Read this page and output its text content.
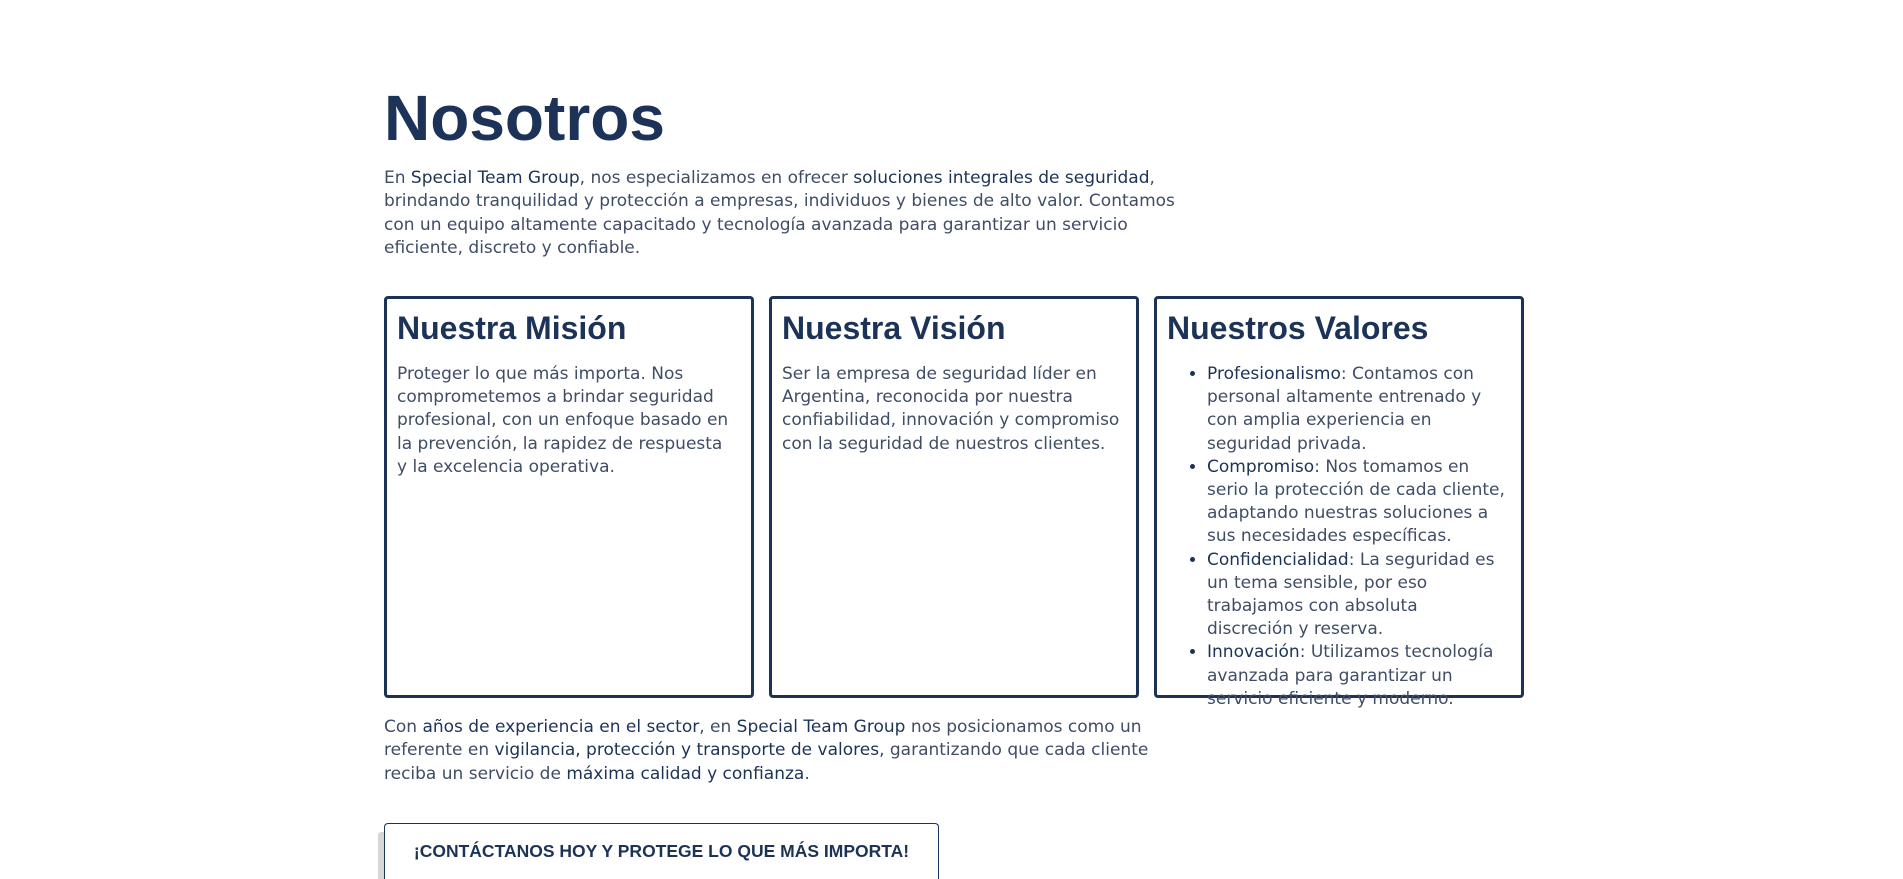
Nosotros

En Special Team Group, nos especializamos en ofrecer soluciones integrales de seguridad, brindando tranquilidad y protección a empresas, individuos y bienes de alto valor. Contamos con un equipo altamente capacitado y tecnología avanzada para garantizar un servicio eficiente, discreto y confiable.

Nuestra Misión

Proteger lo que más importa. Nos comprometemos a brindar seguridad profesional, con un enfoque basado en la prevención, la rapidez de respuesta y la excelencia operativa.

Nuestra Visión

Ser la empresa de seguridad líder en Argentina, reconocida por nuestra confiabilidad, innovación y compromiso con la seguridad de nuestros clientes.

Nuestros Valores
• Profesionalismo: Contamos con personal altamente entrenado y con amplia experiencia en seguridad privada.
• Compromiso: Nos tomamos en serio la protección de cada cliente, adaptando nuestras soluciones a sus necesidades específicas.
• Confidencialidad: La seguridad es un tema sensible, por eso trabajamos con absoluta discreción y reserva.
• Innovación: Utilizamos tecnología avanzada para garantizar un servicio eficiente y moderno.

Con años de experiencia en el sector, en Special Team Group nos posicionamos como un referente en vigilancia, protección y transporte de valores, garantizando que cada cliente reciba un servicio de máxima calidad y confianza.

¡CONTÁCTANOS HOY Y PROTEGE LO QUE MÁS IMPORTA!
